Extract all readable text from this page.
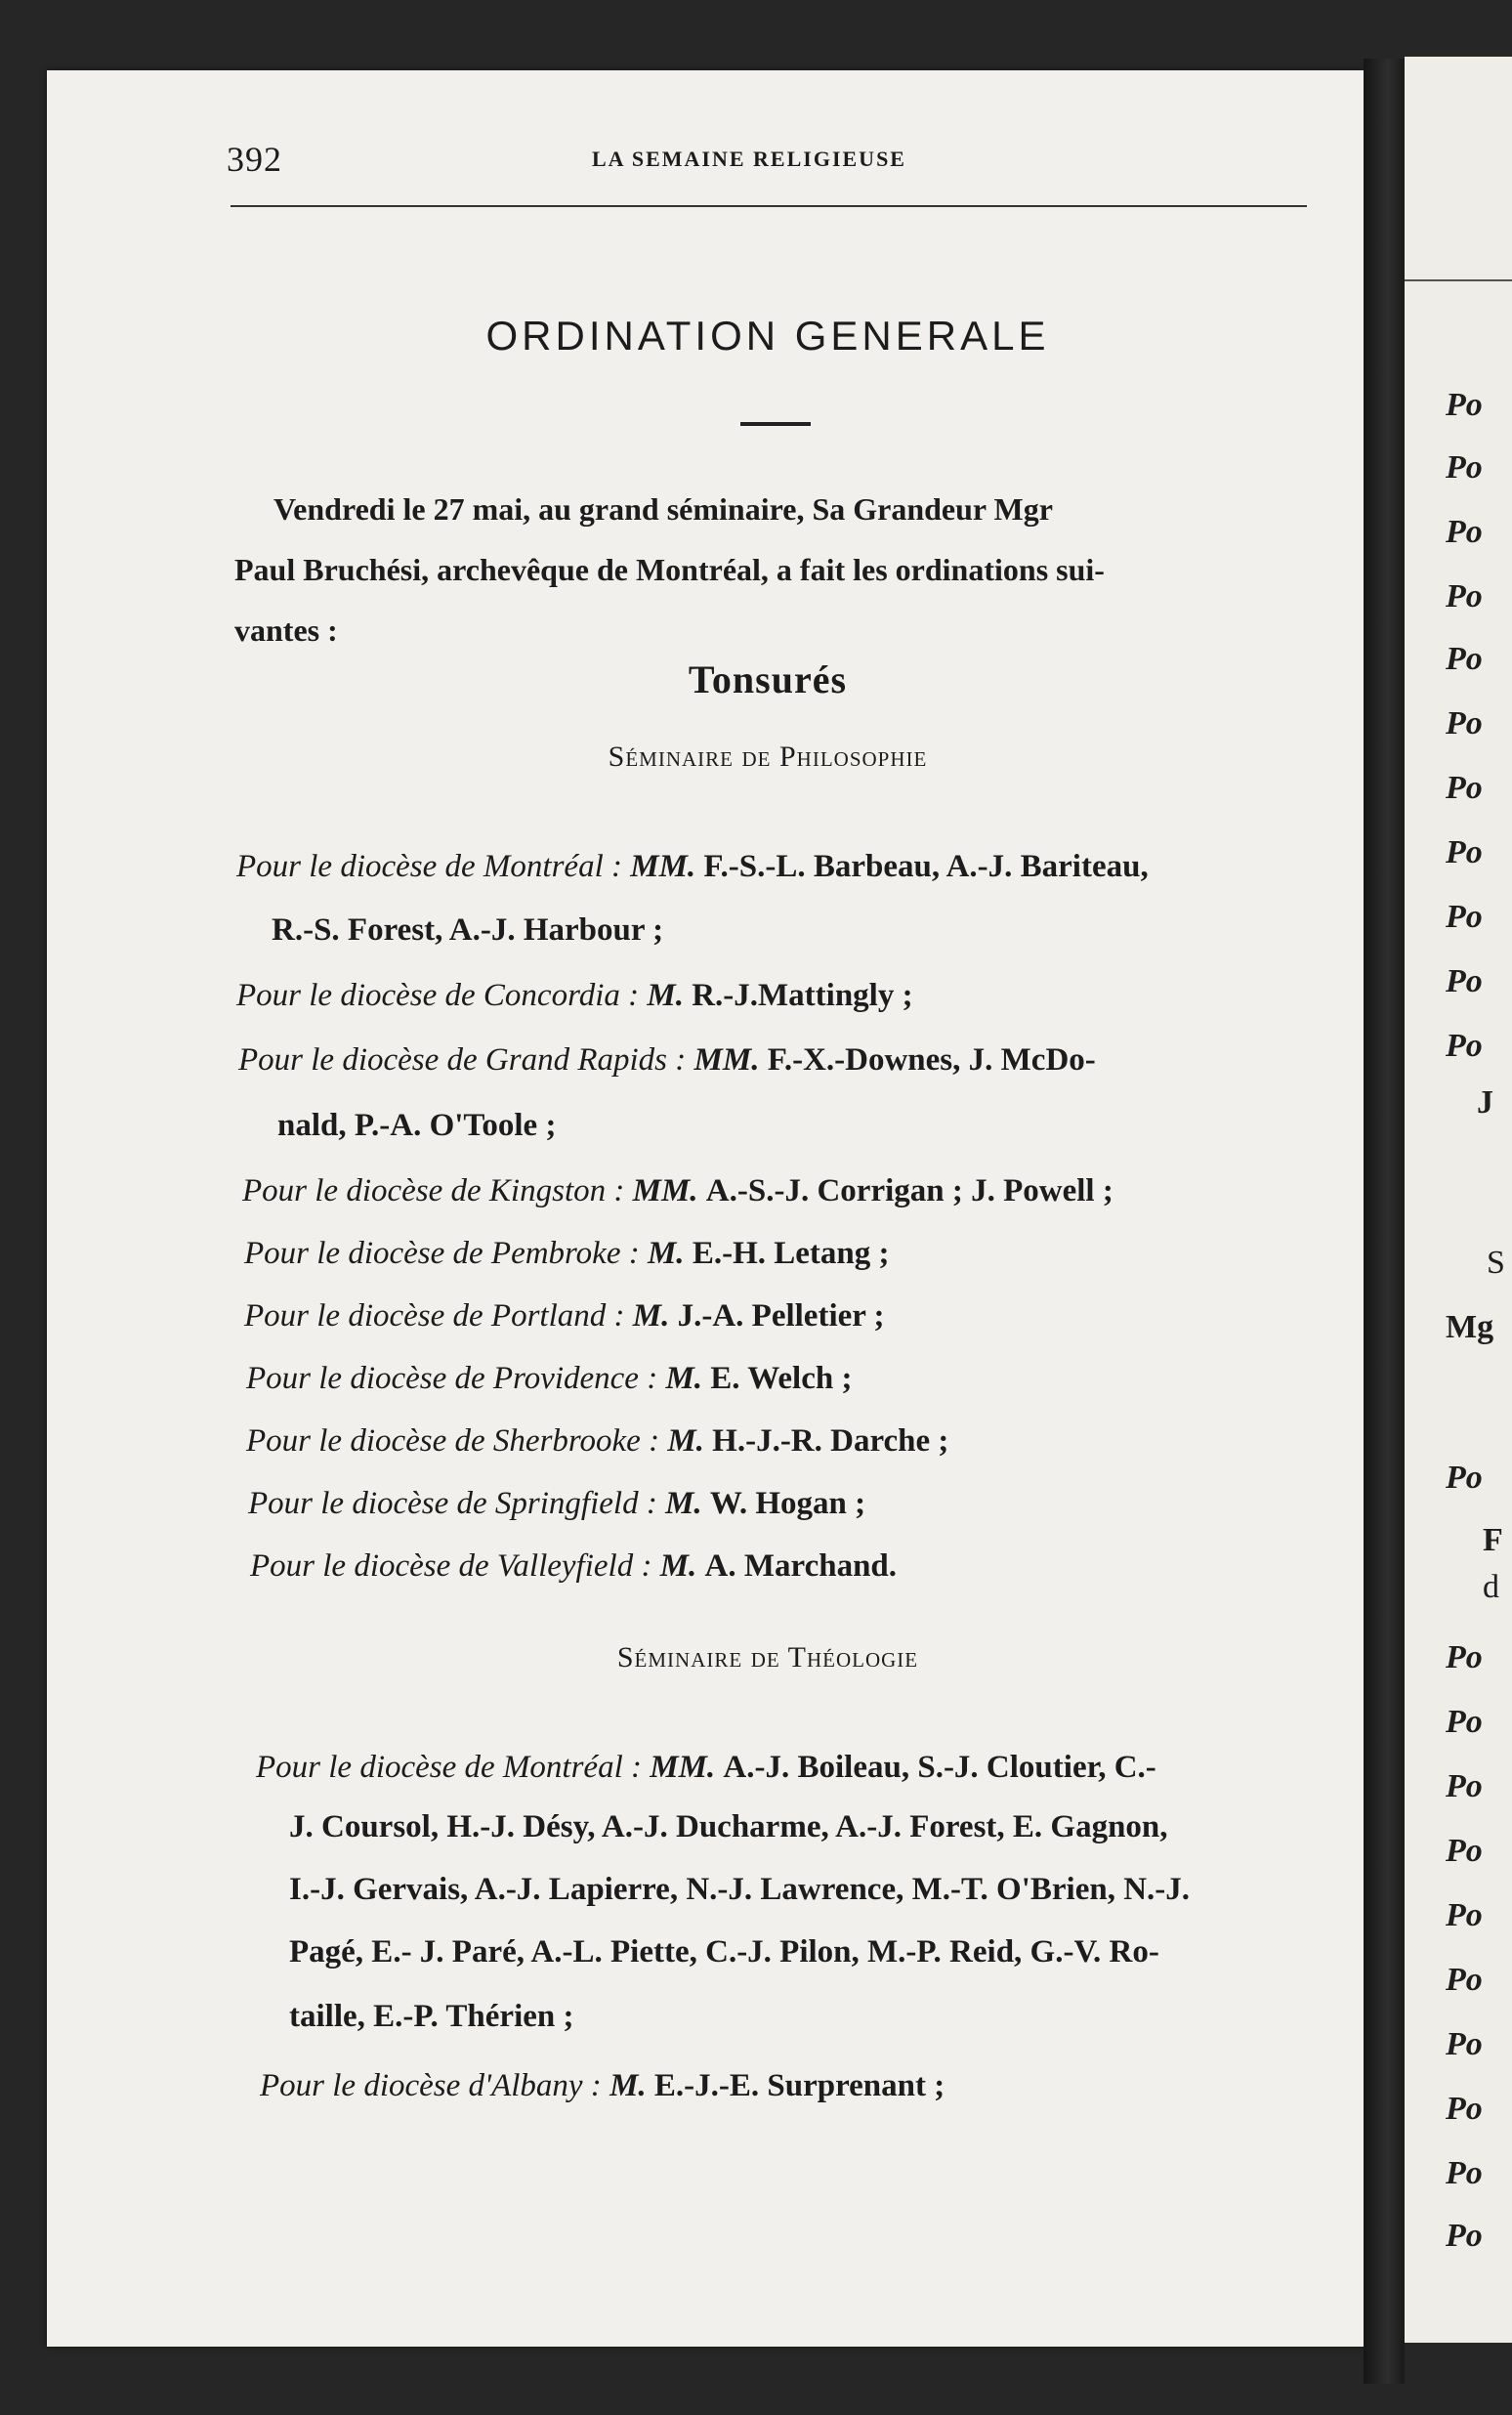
Po
Po
Po
Po
Po
Po
Po
Po
Po
Po
Po
J
S
Mg
Po
F
d
Po
Po
Po
Po
Po
Po
Po
Po
Po
Po
392	LA SEMAINE RELIGIEUSE
ORDINATION GENERALE
Vendredi le 27 mai, au grand séminaire, Sa Grandeur Mgr
Paul Bruchési, archevêque de Montréal, a fait les ordinations sui-
vantes :
Tonsurés
Séminaire de Philosophie
Pour le diocèse de Montréal : MM. F.-S.-L. Barbeau, A.-J. Bariteau,
R.-S. Forest, A.-J. Harbour ;
Pour le diocèse de Concordia : M. R.-J.Mattingly ;
Pour le diocèse de Grand Rapids : MM. F.-X.-Downes, J. McDo-
nald, P.-A. O'Toole ;
Pour le diocèse de Kingston : MM. A.-S.-J. Corrigan ; J. Powell ;
Pour le diocèse de Pembroke : M. E.-H. Letang ;
Pour le diocèse de Portland : M. J.-A. Pelletier ;
Pour le diocèse de Providence : M. E. Welch ;
Pour le diocèse de Sherbrooke : M. H.-J.-R. Darche ;
Pour le diocèse de Springfield : M. W. Hogan ;
Pour le diocèse de Valleyfield : M. A. Marchand.
Séminaire de Théologie
Pour le diocèse de Montréal : MM. A.-J. Boileau, S.-J. Cloutier, C.-
J. Coursol, H.-J. Désy, A.-J. Ducharme, A.-J. Forest, E. Gagnon,
I.-J. Gervais, A.-J. Lapierre, N.-J. Lawrence, M.-T. O'Brien, N.-J.
Pagé, E.- J. Paré, A.-L. Piette, C.-J. Pilon, M.-P. Reid, G.-V. Ro-
taille, E.-P. Thérien ;
Pour le diocèse d'Albany : M. E.-J.-E. Surprenant ;
